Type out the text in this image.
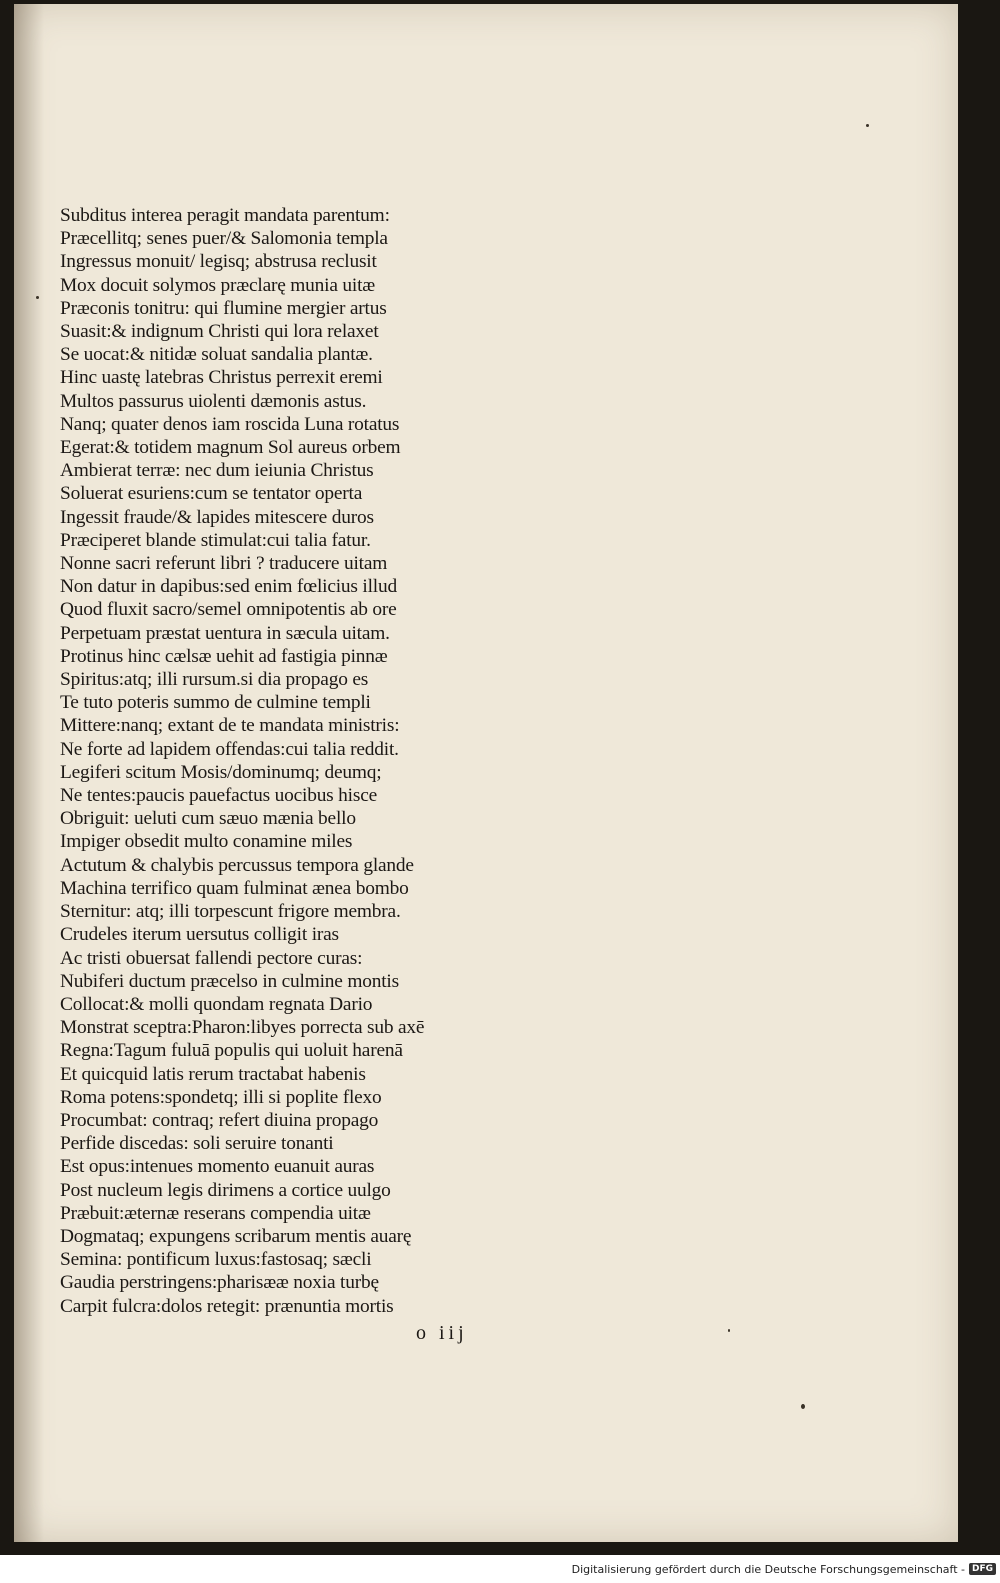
Subditus interea peragit mandata parentum:
Præcellitq; senes puer/& Salomonia templa
Ingressus monuit/ legisq; abstrusa reclusit
Mox docuit solymos præclarę munia uitæ
Præconis tonitru: qui flumine mergier artus
Suasit:& indignum Christi qui lora relaxet
Se uocat:& nitidæ soluat sandalia plantæ.
Hinc uastę latebras Christus perrexit eremi
Multos passurus uiolenti dæmonis astus.
Nanq; quater denos iam roscida Luna rotatus
Egerat:& totidem magnum Sol aureus orbem
Ambierat terræ: nec dum ieiunia Christus
Soluerat esuriens:cum se tentator operta
Ingessit fraude/& lapides mitescere duros
Præciperet blande stimulat:cui talia fatur.
Nonne sacri referunt libri ? traducere uitam
Non datur in dapibus:sed enim fœlicius illud
Quod fluxit sacro/semel omnipotentis ab ore
Perpetuam præstat uentura in sæcula uitam.
Protinus hinc cælsæ uehit ad fastigia pinnæ
Spiritus:atq; illi rursum.si dia propago es
Te tuto poteris summo de culmine templi
Mittere:nanq; extant de te mandata ministris:
Ne forte ad lapidem offendas:cui talia reddit.
Legiferi scitum Mosis/dominumq; deumq;
Ne tentes:paucis pauefactus uocibus hisce
Obriguit: ueluti cum sæuo mænia bello
Impiger obsedit multo conamine miles
Actutum & chalybis percussus tempora glande
Machina terrifico quam fulminat ænea bombo
Sternitur: atq; illi torpescunt frigore membra.
Crudeles iterum uersutus colligit iras
Ac tristi obuersat fallendi pectore curas:
Nubiferi ductum præcelso in culmine montis
Collocat:& molli quondam regnata Dario
Monstrat sceptra:Pharon:libyes porrecta sub axē
Regna:Tagum fuluā populis qui uoluit harenā
Et quicquid latis rerum tractabat habenis
Roma potens:spondetq; illi si poplite flexo
Procumbat: contraq; refert diuina propago
Perfide discedas: soli seruire tonanti
Est opus:intenues momento euanuit auras
Post nucleum legis dirimens a cortice uulgo
Præbuit:æternæ reserans compendia uitæ
Dogmataq; expungens scribarum mentis auarę
Semina: pontificum luxus:fastosaq; sæcli
Gaudia perstringens:pharisææ noxia turbę
Carpit fulcra:dolos retegit: prænuntia mortis
o iij
Digitalisierung gefördert durch die Deutsche Forschungsgemeinschaft - DFG
